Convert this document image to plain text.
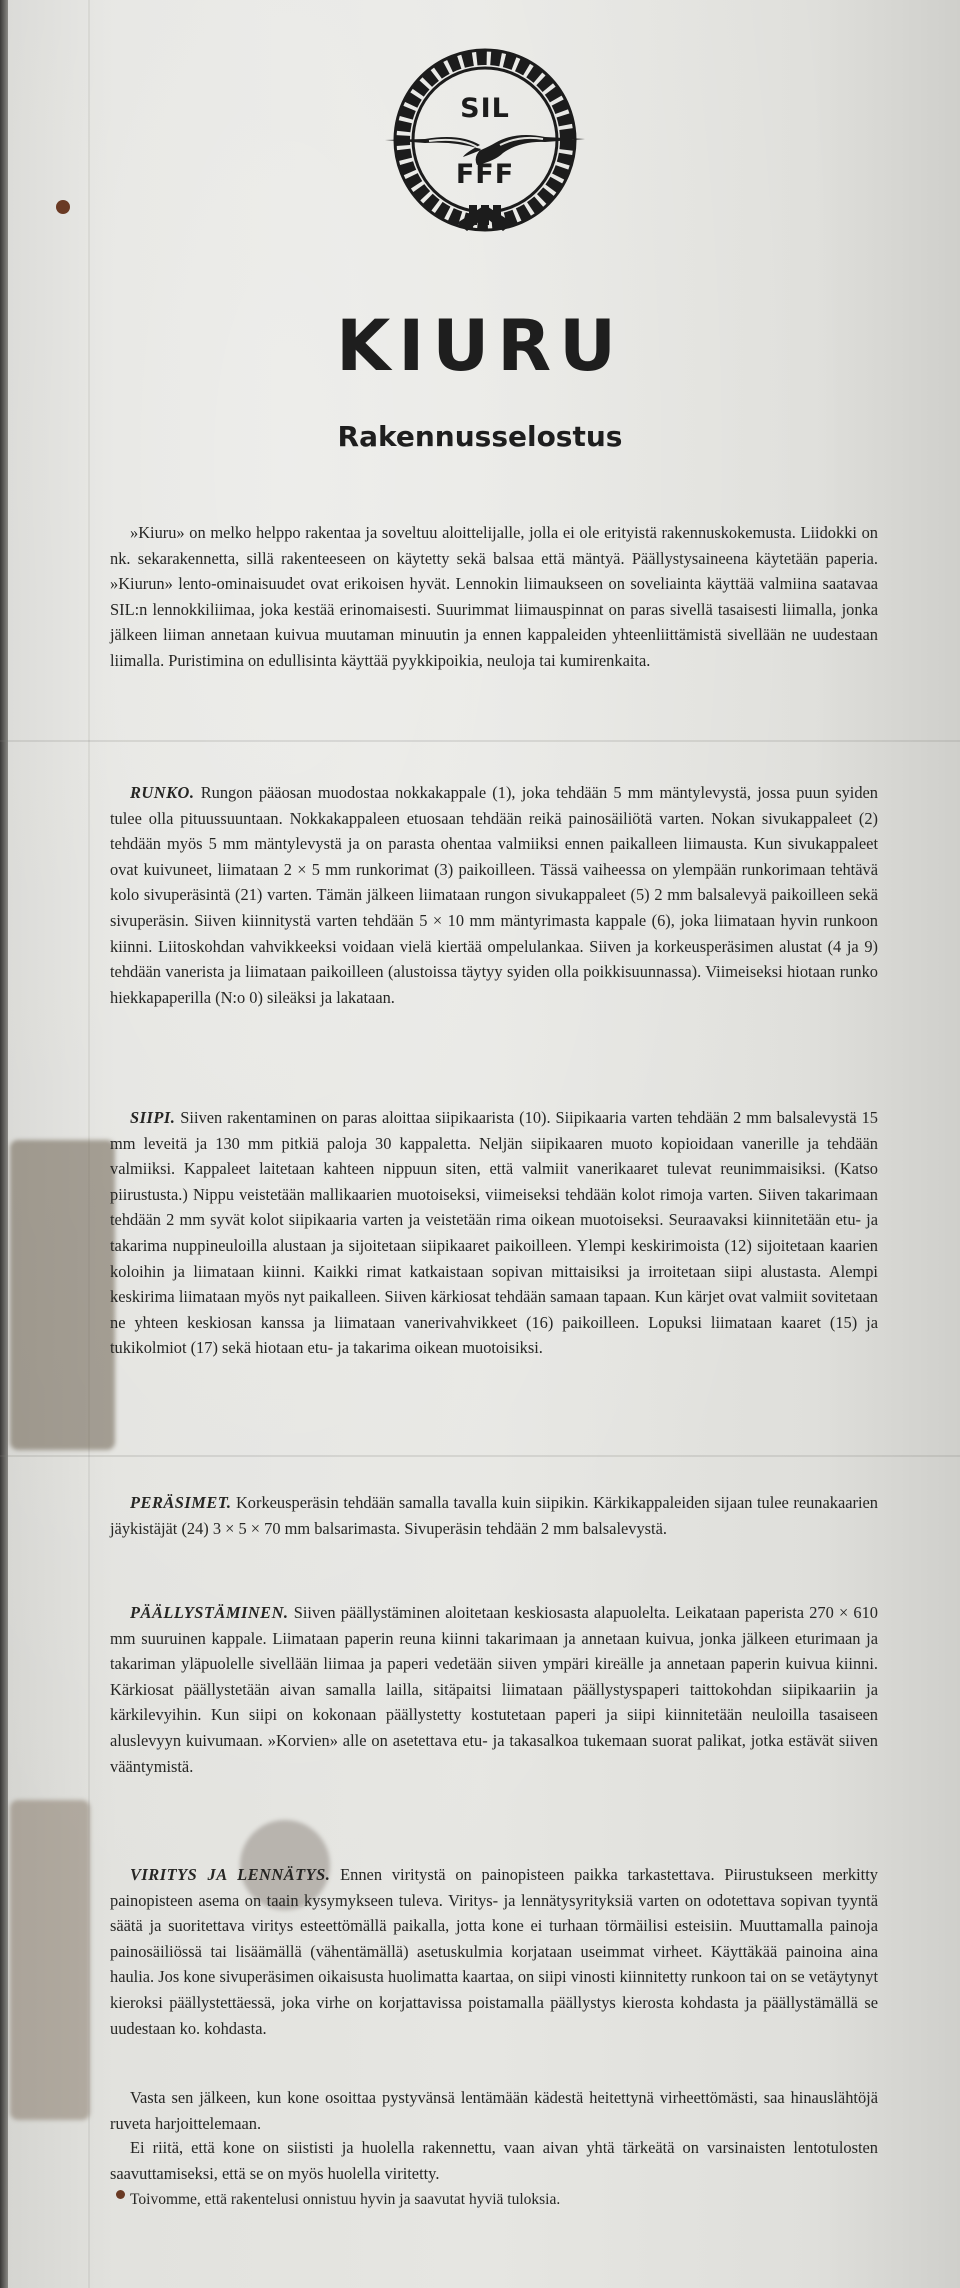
SIL
FFF
KIURU
Rakennusselostus

»Kiuru» on melko helppo rakentaa ja soveltuu aloittelijalle, jolla ei ole erityistä rakennuskokemusta. Liidokki on nk. sekarakennetta, sillä rakenteeseen on käytetty sekä balsaa että mäntyä. Päällystysaineena käytetään paperia. »Kiurun» lento-ominaisuudet ovat erikoisen hyvät. Lennokin liimaukseen on soveliainta käyttää valmiina saatavaa SIL:n lennokkiliimaa, joka kestää erinomaisesti. Suurimmat liimauspinnat on paras sivellä tasaisesti liimalla, jonka jälkeen liiman annetaan kuivua muutaman minuutin ja ennen kappaleiden yhteenliittämistä sivellään ne uudestaan liimalla. Puristimina on edullisinta käyttää pyykkipoikia, neuloja tai kumirenkaita.

RUNKO. Rungon pääosan muodostaa nokkakappale (1), joka tehdään 5 mm mäntylevystä, jossa puun syiden tulee olla pituussuuntaan. Nokkakappaleen etuosaan tehdään reikä painosäiliötä varten. Nokan sivukappaleet (2) tehdään myös 5 mm mäntylevystä ja on parasta ohentaa valmiiksi ennen paikalleen liimausta. Kun sivukappaleet ovat kuivuneet, liimataan 2 × 5 mm runkorimat (3) paikoilleen. Tässä vaiheessa on ylempään runkorimaan tehtävä kolo sivuperäsintä (21) varten. Tämän jälkeen liimataan rungon sivukappaleet (5) 2 mm balsalevyä paikoilleen sekä sivuperäsin. Siiven kiinnitystä varten tehdään 5 × 10 mm mäntyrimasta kappale (6), joka liimataan hyvin runkoon kiinni. Liitoskohdan vahvikkeeksi voidaan vielä kiertää ompelulankaa. Siiven ja korkeusperäsimen alustat (4 ja 9) tehdään vanerista ja liimataan paikoilleen (alustoissa täytyy syiden olla poikkisuunnassa). Viimeiseksi hiotaan runko hiekkapaperilla (N:o 0) sileäksi ja lakataan.

SIIPI. Siiven rakentaminen on paras aloittaa siipikaarista (10). Siipikaaria varten tehdään 2 mm balsalevystä 15 mm leveitä ja 130 mm pitkiä paloja 30 kappaletta. Neljän siipikaaren muoto kopioidaan vanerille ja tehdään valmiiksi. Kappaleet laitetaan kahteen nippuun siten, että valmiit vanerikaaret tulevat reunimmaisiksi. (Katso piirustusta.) Nippu veistetään mallikaarien muotoiseksi, viimeiseksi tehdään kolot rimoja varten. Siiven takarimaan tehdään 2 mm syvät kolot siipikaaria varten ja veistetään rima oikean muotoiseksi. Seuraavaksi kiinnitetään etu- ja takarima nuppineuloilla alustaan ja sijoitetaan siipikaaret paikoilleen. Ylempi keskirimoista (12) sijoitetaan kaarien koloihin ja liimataan kiinni. Kaikki rimat katkaistaan sopivan mittaisiksi ja irroitetaan siipi alustasta. Alempi keskirima liimataan myös nyt paikalleen. Siiven kärkiosat tehdään samaan tapaan. Kun kärjet ovat valmiit sovitetaan ne yhteen keskiosan kanssa ja liimataan vanerivahvikkeet (16) paikoilleen. Lopuksi liimataan kaaret (15) ja tukikolmiot (17) sekä hiotaan etu- ja takarima oikean muotoisiksi.

PERÄSIMET. Korkeusperäsin tehdään samalla tavalla kuin siipikin. Kärkikappaleiden sijaan tulee reunakaarien jäykistäjät (24) 3 × 5 × 70 mm balsarimasta. Sivuperäsin tehdään 2 mm balsalevystä.

PÄÄLLYSTÄMINEN. Siiven päällystäminen aloitetaan keskiosasta alapuolelta. Leikataan paperista 270 × 610 mm suuruinen kappale. Liimataan paperin reuna kiinni takarimaan ja annetaan kuivua, jonka jälkeen eturimaan ja takariman yläpuolelle sivellään liimaa ja paperi vedetään siiven ympäri kireälle ja annetaan paperin kuivua kiinni. Kärkiosat päällystetään aivan samalla lailla, sitäpaitsi liimataan päällystyspaperi taittokohdan siipikaariin ja kärkilevyihin. Kun siipi on kokonaan päällystetty kostutetaan paperi ja siipi kiinnitetään neuloilla tasaiseen aluslevyyn kuivumaan. »Korvien» alle on asetettava etu- ja takasalkoa tukemaan suorat palikat, jotka estävät siiven vääntymistä.

VIRITYS JA LENNÄTYS. Ennen viritystä on painopisteen paikka tarkastettava. Piirustukseen merkitty painopisteen asema on taain kysymykseen tuleva. Viritys- ja lennätysyrityksiä varten on odotettava sopivan tyyntä säätä ja suoritettava viritys esteettömällä paikalla, jotta kone ei turhaan törmäilisi esteisiin. Muuttamalla painoja painosäiliössä tai lisäämällä (vähentämällä) asetuskulmia korjataan useimmat virheet. Käyttäkää painoina aina haulia. Jos kone sivuperäsimen oikaisusta huolimatta kaartaa, on siipi vinosti kiinnitetty runkoon tai on se vetäytynyt kieroksi päällystettäessä, joka virhe on korjattavissa poistamalla päällystys kierosta kohdasta ja päällystämällä se uudestaan ko. kohdasta.

Vasta sen jälkeen, kun kone osoittaa pystyvänsä lentämään kädestä heitettynä virheettömästi, saa hinauslähtöjä ruveta harjoittelemaan.

Ei riitä, että kone on siististi ja huolella rakennettu, vaan aivan yhtä tärkeätä on varsinaisten lentotulosten saavuttamiseksi, että se on myös huolella viritetty.

Toivomme, että rakentelusi onnistuu hyvin ja saavutat hyviä tuloksia.
